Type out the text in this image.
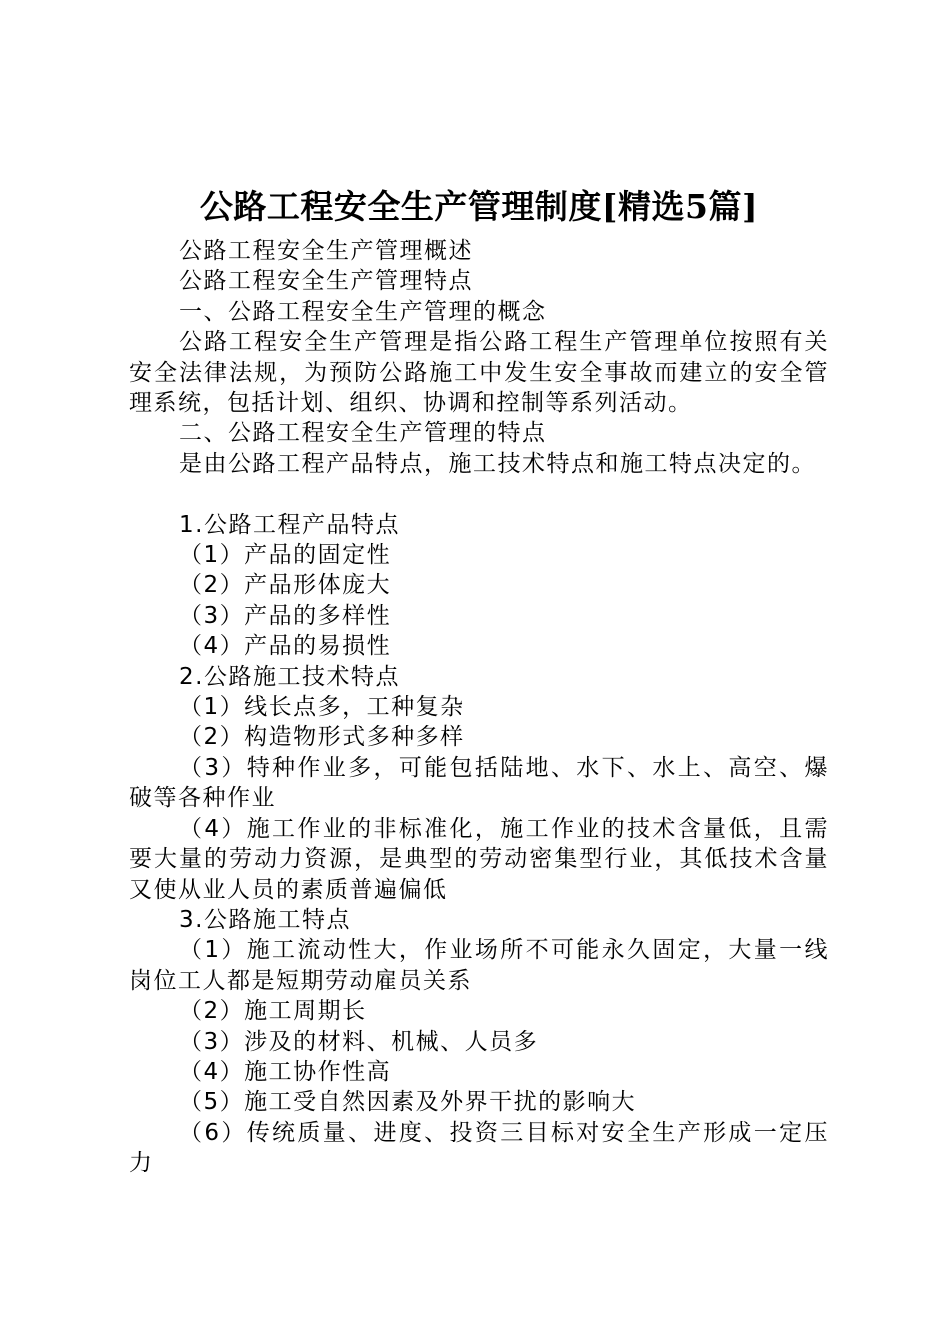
公路工程安全生产管理制度[精选5篇]

公路工程安全生产管理概述

公路工程安全生产管理特点

一、公路工程安全生产管理的概念

公路工程安全生产管理是指公路工程生产管理单位按照有关安全法律法规，为预防公路施工中发生安全事故而建立的安全管理系统，包括计划、组织、协调和控制等系列活动。

二、公路工程安全生产管理的特点

是由公路工程产品特点，施工技术特点和施工特点决定的。

1.公路工程产品特点

（1）产品的固定性

（2）产品形体庞大

（3）产品的多样性

（4）产品的易损性

2.公路施工技术特点

（1）线长点多，工种复杂

（2）构造物形式多种多样

（3）特种作业多，可能包括陆地、水下、水上、高空、爆破等各种作业

（4）施工作业的非标准化，施工作业的技术含量低，且需要大量的劳动力资源，是典型的劳动密集型行业，其低技术含量又使从业人员的素质普遍偏低

3.公路施工特点

（1）施工流动性大，作业场所不可能永久固定，大量一线岗位工人都是短期劳动雇员关系

（2）施工周期长

（3）涉及的材料、机械、人员多

（4）施工协作性高

（5）施工受自然因素及外界干扰的影响大

（6）传统质量、进度、投资三目标对安全生产形成一定压力
